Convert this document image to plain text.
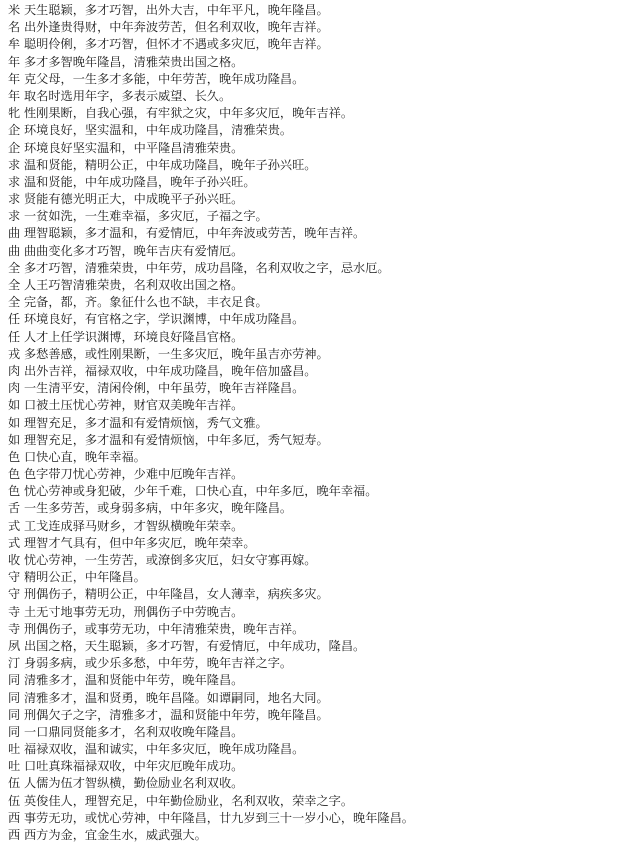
米 天生聪颖，多才巧智，出外大吉，中年平凡，晚年隆昌。
名 出外逢贵得财，中年奔波劳苦，但名利双收，晚年吉祥。
牟 聪明伶俐，多才巧智，但怀才不遇或多灾厄，晚年吉祥。
年 多才多智晚年隆昌，清雅荣贵出国之格。
年 克父母，一生多才多能，中年劳苦，晚年成功隆昌。
年 取名时选用年字，多表示威望、长久。
牝 性刚果断，自我心强，有牢狱之灾，中年多灾厄，晚年吉祥。
企 环境良好，坚实温和，中年成功隆昌，清雅荣贵。
企 环境良好坚实温和，中平隆昌清雅荣贵。
求 温和贤能，精明公正，中年成功隆昌，晚年子孙兴旺。
求 温和贤能，中年成功隆昌，晚年子孙兴旺。
求 贤能有德光明正大，中成晚平子孙兴旺。
求 一贫如洗，一生难幸福，多灾厄，子福之字。
曲 理智聪颖，多才温和，有爱情厄，中年奔波或劳苦，晚年吉祥。
曲 曲曲变化多才巧智，晚年吉庆有爱情厄。
全 多才巧智，清雅荣贵，中年劳，成功昌隆，名利双收之字，忌水厄。
全 人王巧智清雅荣贵，名利双收出国之格。
全 完备，都，齐。象征什么也不缺，丰衣足食。
任 环境良好，有官格之字，学识渊博，中年成功隆昌。
任 人才上任学识渊博，环境良好隆昌官格。
戎 多愁善感，或性刚果断，一生多灾厄，晚年虽吉亦劳神。
肉 出外吉祥，福禄双收，中年成功隆昌，晚年倍加盛昌。
肉 一生清平安，清闲伶俐，中年虽劳，晚年吉祥隆昌。
如 口被土压忧心劳神，财官双美晚年吉祥。
如 理智充足，多才温和有爱情烦恼，秀气文雅。
如 理智充足，多才温和有爱情烦恼，中年多厄，秀气短寿。
色 口快心直，晚年幸福。
色 色字带刀忧心劳神，少难中厄晚年吉祥。
色 忧心劳神或身犯破，少年千难，口快心直，中年多厄，晚年幸福。
舌 一生多劳苦，或身弱多病，中年多灾，晚年隆昌。
式 工戈连成驿马财乡，才智纵横晚年荣幸。
式 理智才气具有，但中年多灾厄，晚年荣幸。
收 忧心劳神，一生劳苦，或潦倒多灾厄，妇女守寡再嫁。
守 精明公正，中年隆昌。
守 刑偶伤子，精明公正，中年隆昌，女人薄幸，病疾多灾。
寺 土无寸地事劳无功，刑偶伤子中劳晚吉。
寺 刑偶伤子，或事劳无功，中年清雅荣贵，晚年吉祥。
夙 出国之格，天生聪颖，多才巧智，有爱情厄，中年成功，隆昌。
汀 身弱多病，或少乐多愁，中年劳，晚年吉祥之字。
同 清雅多才，温和贤能中年劳，晚年隆昌。
同 清雅多才，温和贤勇，晚年昌隆。如谭嗣同，地名大同。
同 刑偶欠子之字，清雅多才，温和贤能中年劳，晚年隆昌。
同 一口鼎同贤能多才，名利双收晚年隆昌。
吐 福禄双收，温和诚实，中年多灾厄，晚年成功隆昌。
吐 口吐真珠福禄双收，中年灾厄晚年成功。
伍 人儒为伍才智纵横，勤俭励业名利双收。
伍 英俊佳人，理智充足，中年勤俭励业，名利双收，荣幸之字。
西 事劳无功，或忧心劳神，中年隆昌，廿九岁到三十一岁小心，晚年隆昌。
西 西方为金，宜金生水，威武强大。
